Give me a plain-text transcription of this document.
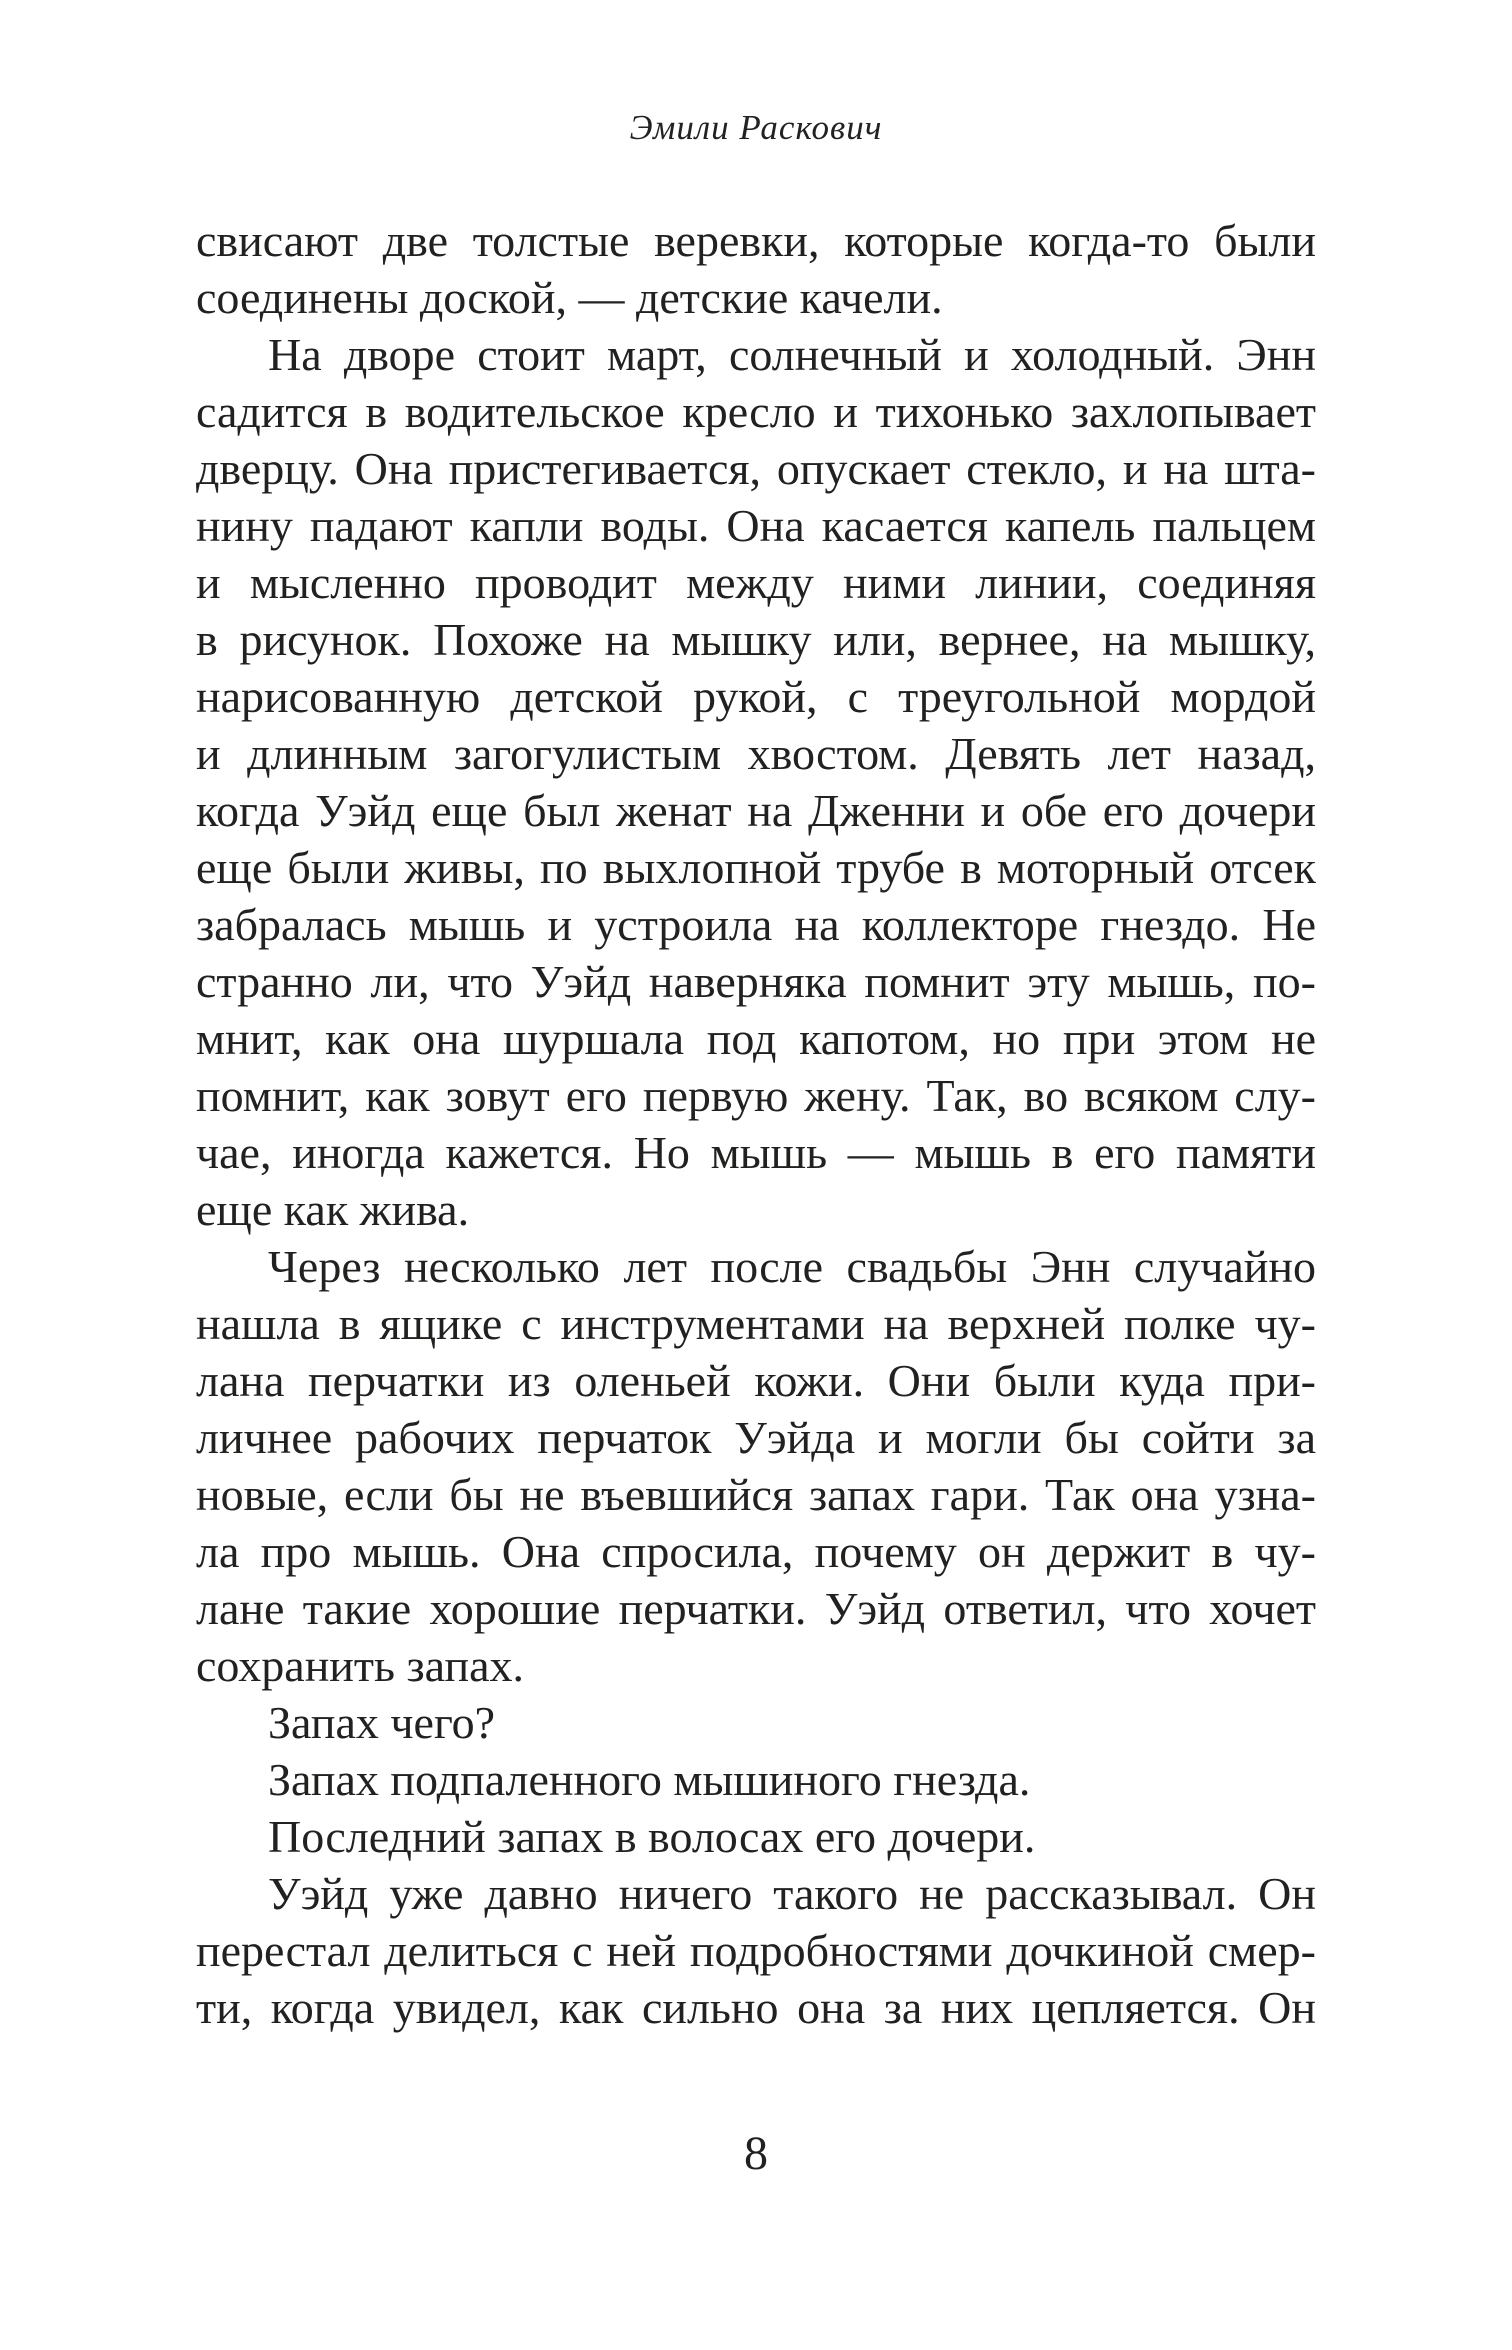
Эмили Раскович
свисают две толстые веревки, которые когда-то были
соединены доской, — детские качели.
На дворе стоит март, солнечный и холодный. Энн
садится в водительское кресло и тихонько захлопывает
дверцу. Она пристегивается, опускает стекло, и на шта-
нину падают капли воды. Она касается капель пальцем
и мысленно проводит между ними линии, соединяя
в рисунок. Похоже на мышку или, вернее, на мышку,
нарисованную детской рукой, с треугольной мордой
и длинным загогулистым хвостом. Девять лет назад,
когда Уэйд еще был женат на Дженни и обе его дочери
еще были живы, по выхлопной трубе в моторный отсек
забралась мышь и устроила на коллекторе гнездо. Не
странно ли, что Уэйд наверняка помнит эту мышь, по-
мнит, как она шуршала под капотом, но при этом не
помнит, как зовут его первую жену. Так, во всяком слу-
чае, иногда кажется. Но мышь — мышь в его памяти
еще как жива.
Через несколько лет после свадьбы Энн случайно
нашла в ящике с инструментами на верхней полке чу-
лана перчатки из оленьей кожи. Они были куда при-
личнее рабочих перчаток Уэйда и могли бы сойти за
новые, если бы не въевшийся запах гари. Так она узна-
ла про мышь. Она спросила, почему он держит в чу-
лане такие хорошие перчатки. Уэйд ответил, что хочет
сохранить запах.
Запах чего?
Запах подпаленного мышиного гнезда.
Последний запах в волосах его дочери.
Уэйд уже давно ничего такого не рассказывал. Он
перестал делиться с ней подробностями дочкиной смер-
ти, когда увидел, как сильно она за них цепляется. Он
8
